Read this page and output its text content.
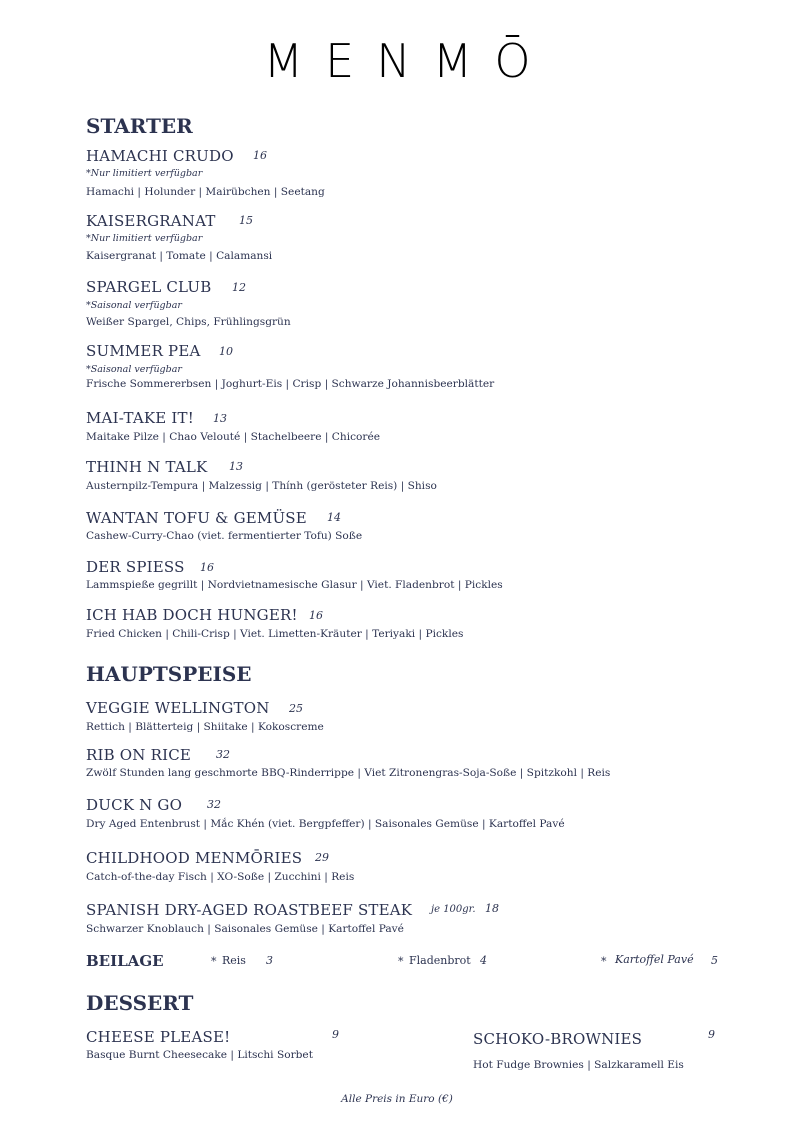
MENMŌ
STARTER
HAMACHI CRUDO 16
*Nur limitiert verfügbar
Hamachi | Holunder | Mairübchen | Seetang
KAISERGRANAT 15
*Nur limitiert verfügbar
Kaisergranat | Tomate | Calamansi
SPARGEL CLUB 12
*Saisonal verfügbar
Weißer Spargel, Chips, Frühlingsgrün
SUMMER PEA 10
*Saisonal verfügbar
Frische Sommererbsen | Joghurt-Eis | Crisp | Schwarze Johannisbeerblätter
MAI-TAKE IT! 13
Maitake Pilze | Chao Velouté | Stachelbeere | Chicorée
THINH N TALK 13
Austernpilz-Tempura | Malzessig | Thính (gerösteter Reis) | Shiso
WANTAN TOFU & GEMÜSE 14
Cashew-Curry-Chao (viet. fermentierter Tofu) Soße
DER SPIESS 16
Lammspieße gegrillt | Nordvietnamesische Glasur | Viet. Fladenbrot | Pickles
ICH HAB DOCH HUNGER! 16
Fried Chicken | Chili-Crisp | Viet. Limetten-Kräuter | Teriyaki | Pickles
HAUPTSPEISE
VEGGIE WELLINGTON 25
Rettich | Blätterteig | Shiitake | Kokoscreme
RIB ON RICE 32
Zwölf Stunden lang geschmorte BBQ-Rinderrippe | Viet Zitronengras-Soja-Soße | Spitzkohl | Reis
DUCK N GO 32
Dry Aged Entenbrust | Mắc Khén (viet. Bergpfeffer) | Saisonales Gemüse | Kartoffel Pavé
CHILDHOOD MENMŌRIES 29
Catch-of-the-day Fisch | XO-Soße | Zucchini | Reis
SPANISH DRY-AGED ROASTBEEF STEAK je 100gr. 18
Schwarzer Knoblauch | Saisonales Gemüse | Kartoffel Pavé
BEILAGE	* Reis 3	* Fladenbrot 4	* Kartoffel Pavé 5
DESSERT
CHEESE PLEASE!	9
Basque Burnt Cheesecake | Litschi Sorbet
SCHOKO-BROWNIES	9
Hot Fudge Brownies | Salzkaramell Eis
Alle Preis in Euro (€)
